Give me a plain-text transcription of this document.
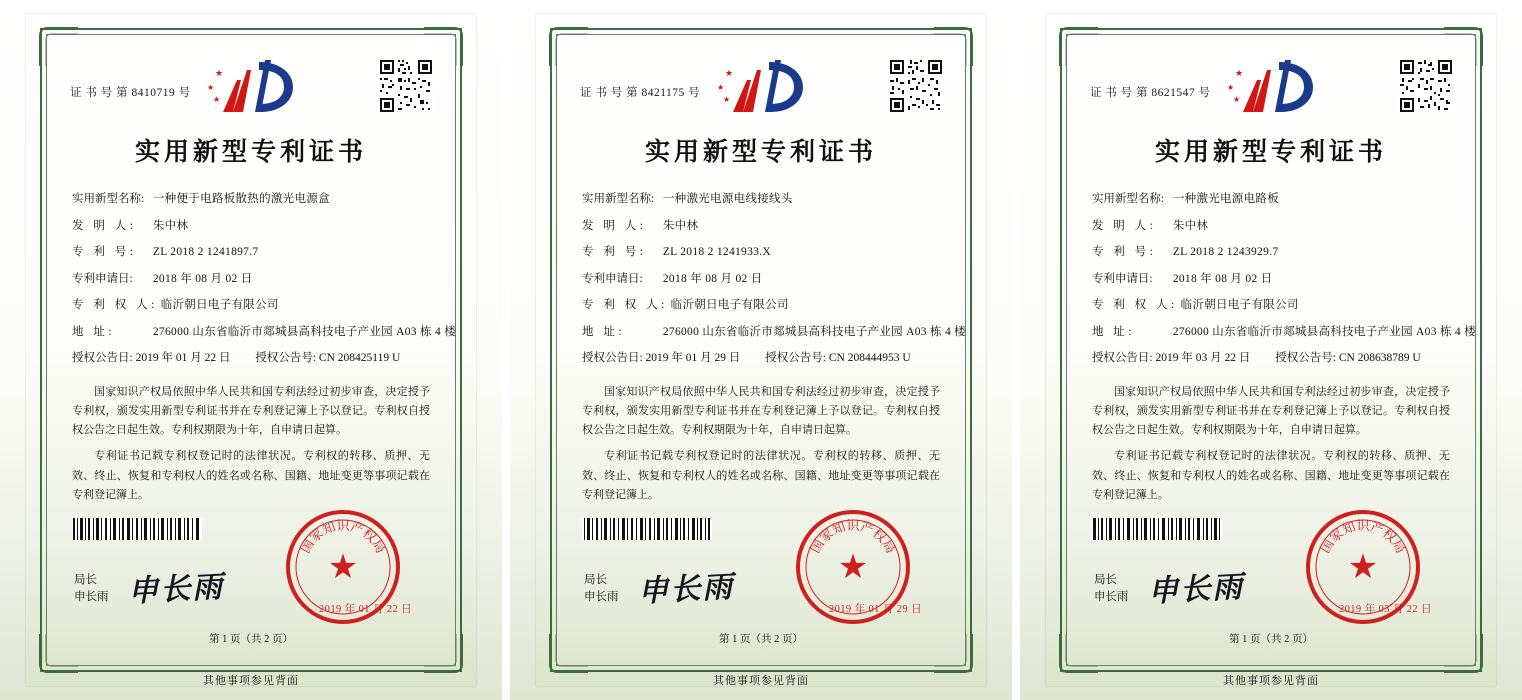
证 书 号 第 8410719 号
★
★
★
实用新型专利证书
实用新型名称: 一种便于电路板散热的激光电源盒
发 明 人: 朱中林
专 利 号: ZL 2018 2 1241897.7
专利申请日: 2018 年 08 月 02 日
专 利 权 人: 临沂朝日电子有限公司
地 址:	276000 山东省临沂市郯城县高科技电子产业园 A03 栋 4 楼
授权公告日: 2019 年 01 月 22 日 授权公告号: CN 208425119 U

国家知识产权局依照中华人民共和国专利法经过初步审查，决定授予专利权，颁发实用新型专利证书并在专利登记簿上予以登记。专利权自授权公告之日起生效。专利权期限为十年，自申请日起算。

专利证书记载专利权登记时的法律状况。专利权的转移、质押、无效、终止、恢复和专利权人的姓名或名称、国籍、地址变更等事项记载在专利登记簿上。

局长
申长雨 申长雨
★
国
家
知 识 产
权
局
2019 年 01 月 22 日
第 1 页（共 2 页）
其他事项参见背面
证 书 号 第 8421175 号
★
★
★
实用新型专利证书
实用新型名称: 一种激光电源电线接线头
发 明 人: 朱中林
专 利 号: ZL 2018 2 1241933.X
专利申请日: 2018 年 08 月 02 日
专 利 权 人: 临沂朝日电子有限公司
地 址:	276000 山东省临沂市郯城县高科技电子产业园 A03 栋 4 楼
授权公告日: 2019 年 01 月 29 日 授权公告号: CN 208444953 U

国家知识产权局依照中华人民共和国专利法经过初步审查，决定授予专利权，颁发实用新型专利证书并在专利登记簿上予以登记。专利权自授权公告之日起生效。专利权期限为十年，自申请日起算。

专利证书记载专利权登记时的法律状况。专利权的转移、质押、无效、终止、恢复和专利权人的姓名或名称、国籍、地址变更等事项记载在专利登记簿上。

局长
申长雨 申长雨
★
国
家
知 识 产
权
局
2019 年 01 月 29 日
第 1 页（共 2 页）
其他事项参见背面
证 书 号 第 8621547 号
★
★
★
实用新型专利证书
实用新型名称: 一种激光电源电路板
发 明 人: 朱中林
专 利 号: ZL 2018 2 1243929.7
专利申请日: 2018 年 08 月 02 日
专 利 权 人: 临沂朝日电子有限公司
地 址:	276000 山东省临沂市郯城县高科技电子产业园 A03 栋 4 楼
授权公告日: 2019 年 03 月 22 日 授权公告号: CN 208638789 U

国家知识产权局依照中华人民共和国专利法经过初步审查，决定授予专利权，颁发实用新型专利证书并在专利登记簿上予以登记。专利权自授权公告之日起生效。专利权期限为十年，自申请日起算。

专利证书记载专利权登记时的法律状况。专利权的转移、质押、无效、终止、恢复和专利权人的姓名或名称、国籍、地址变更等事项记载在专利登记簿上。

局长
申长雨 申长雨
★
国
家
知 识 产
权
局
2019 年 03 月 22 日
第 1 页（共 2 页）
其他事项参见背面
